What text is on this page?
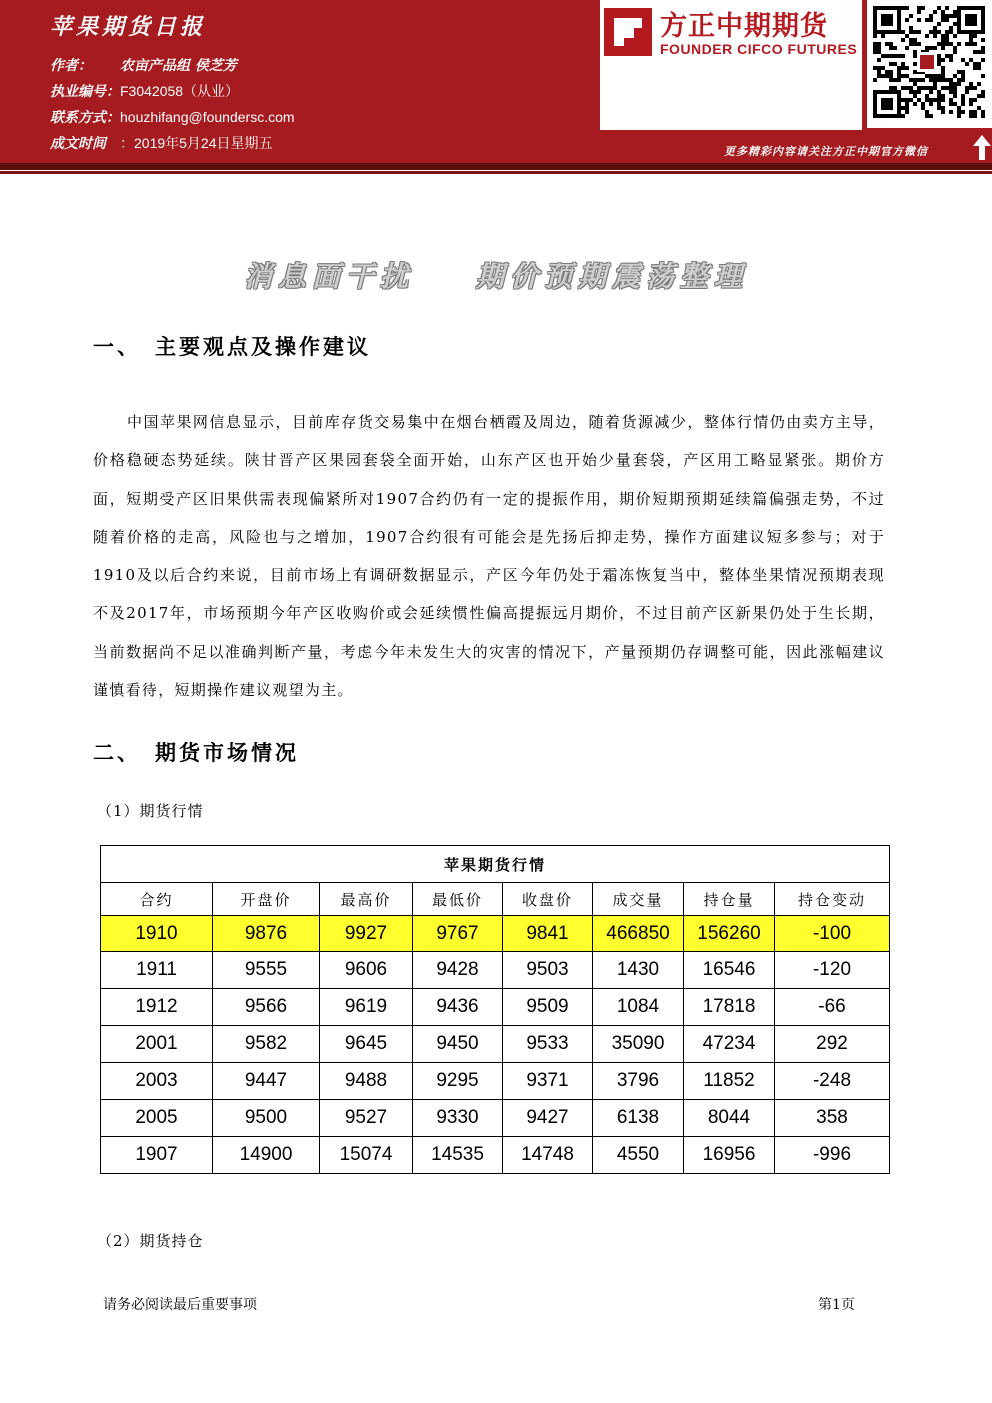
苹果期货日报
作者： 农亩产品组 侯芝芳
执业编号：F3042058（从业）
联系方式：houzhifang@foundersc.com
成文时间 ：2019年5月24日星期五
方正中期期货
FOUNDER CIFCO FUTURES
更多精彩内容请关注方正中期官方微信
消息面干扰 期价预期震荡整理
一、 主要观点及操作建议

中国苹果网信息显示，目前库存货交易集中在烟台栖霞及周边，随着货源减少，整体行情仍由卖方主导，价格稳硬态势延续。陕甘晋产区果园套袋全面开始，山东产区也开始少量套袋，产区用工略显紧张。期价方面，短期受产区旧果供需表现偏紧所对1907合约仍有一定的提振作用，期价短期预期延续篇偏强走势，不过随着价格的走高，风险也与之增加，1907合约很有可能会是先扬后抑走势，操作方面建议短多参与；对于1910及以后合约来说，目前市场上有调研数据显示，产区今年仍处于霜冻恢复当中，整体坐果情况预期表现不及2017年，市场预期今年产区收购价或会延续惯性偏高提振远月期价，不过目前产区新果仍处于生长期，当前数据尚不足以准确判断产量，考虑今年未发生大的灾害的情况下，产量预期仍存调整可能，因此涨幅建议谨慎看待，短期操作建议观望为主。

二、 期货市场情况
（1）期货行情
苹果期货行情							
合约	开盘价	最高价	最低价	收盘价	成交量	持仓量	持仓变动
1910	9876	9927	9767	9841	466850	156260	-100
1911	9555	9606	9428	9503	1430	16546	-120
1912	9566	9619	9436	9509	1084	17818	-66
2001	9582	9645	9450	9533	35090	47234	292
2003	9447	9488	9295	9371	3796	11852	-248
2005	9500	9527	9330	9427	6138	8044	358
1907	14900	15074	14535	14748	4550	16956	-996
（2）期货持仓
请务必阅读最后重要事项	第1页
